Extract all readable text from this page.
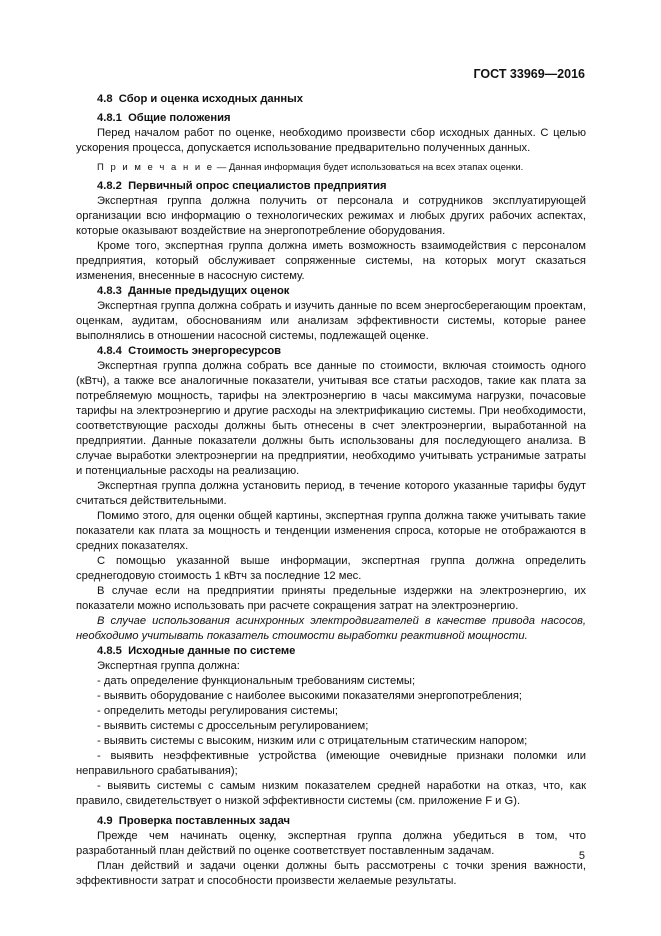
ГОСТ 33969—2016

4.8 Сбор и оценка исходных данных

4.8.1 Общие положения

Перед началом работ по оценке, необходимо произвести сбор исходных данных. С целью ускорения процесса, допускается использование предварительно полученных данных.

П р и м е ч а н и е — Данная информация будет использоваться на всех этапах оценки.

4.8.2 Первичный опрос специалистов предприятия

Экспертная группа должна получить от персонала и сотрудников эксплуатирующей организации всю информацию о технологических режимах и любых других рабочих аспектах, которые оказывают воздействие на энергопотребление оборудования.

Кроме того, экспертная группа должна иметь возможность взаимодействия с персоналом предприятия, который обслуживает сопряженные системы, на которых могут сказаться изменения, внесенные в насосную систему.

4.8.3 Данные предыдущих оценок

Экспертная группа должна собрать и изучить данные по всем энергосберегающим проектам, оценкам, аудитам, обоснованиям или анализам эффективности системы, которые ранее выполнялись в отношении насосной системы, подлежащей оценке.

4.8.4 Стоимость энергоресурсов

Экспертная группа должна собрать все данные по стоимости, включая стоимость одного (кВтч), а также все аналогичные показатели, учитывая все статьи расходов, такие как плата за потребляемую мощность, тарифы на электроэнергию в часы максимума нагрузки, почасовые тарифы на электроэнергию и другие расходы на электрификацию системы. При необходимости, соответствующие расходы должны быть отнесены в счет электроэнергии, выработанной на предприятии. Данные показатели должны быть использованы для последующего анализа. В случае выработки электроэнергии на предприятии, необходимо учитывать устранимые затраты и потенциальные расходы на реализацию.

Экспертная группа должна установить период, в течение которого указанные тарифы будут считаться действительными.

Помимо этого, для оценки общей картины, экспертная группа должна также учитывать такие показатели как плата за мощность и тенденции изменения спроса, которые не отображаются в средних показателях.

С помощью указанной выше информации, экспертная группа должна определить среднегодовую стоимость 1 кВтч за последние 12 мес.

В случае если на предприятии приняты предельные издержки на электроэнергию, их показатели можно использовать при расчете сокращения затрат на электроэнергию.

В случае использования асинхронных электродвигателей в качестве привода насосов, необходимо учитывать показатель стоимости выработки реактивной мощности.

4.8.5 Исходные данные по системе

Экспертная группа должна:

- дать определение функциональным требованиям системы;

- выявить оборудование с наиболее высокими показателями энергопотребления;

- определить методы регулирования системы;

- выявить системы с дроссельным регулированием;

- выявить системы с высоким, низким или с отрицательным статическим напором;

- выявить неэффективные устройства (имеющие очевидные признаки поломки или неправильного срабатывания);

- выявить системы с самым низким показателем средней наработки на отказ, что, как правило, свидетельствует о низкой эффективности системы (см. приложение F и G).

4.9 Проверка поставленных задач

Прежде чем начинать оценку, экспертная группа должна убедиться в том, что разработанный план действий по оценке соответствует поставленным задачам.

План действий и задачи оценки должны быть рассмотрены с точки зрения важности, эффективности затрат и способности произвести желаемые результаты.

5
